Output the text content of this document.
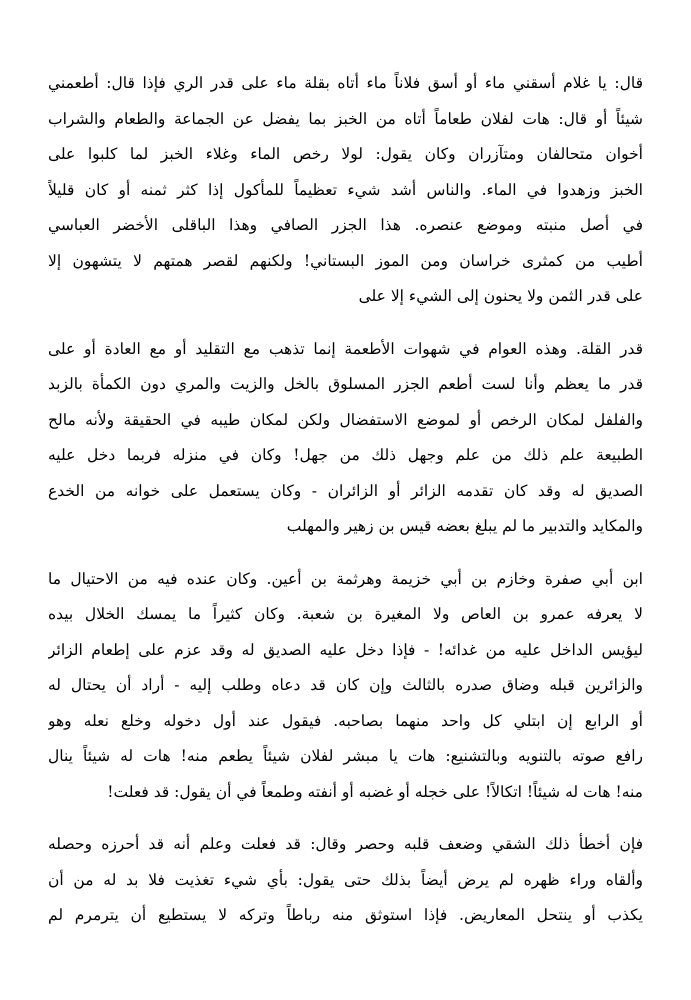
قال: يا غلام أسقني ماء أو أسق فلاناً ماء أتاه بقلة ماء على قدر الري فإذا قال: أطعمني
شيئاً أو قال: هات لفلان طعاماً أتاه من الخبز بما يفضل عن الجماعة والطعام والشراب
أخوان متحالفان ومتآزران وكان يقول: لولا رخص الماء وغلاء الخبز لما كلبوا على
الخبز وزهدوا في الماء. والناس أشد شيء تعظيماً للمأكول إذا كثر ثمنه أو كان قليلاً
في أصل منبته وموضع عنصره. هذا الجزر الصافي وهذا الباقلى الأخضر العباسي
أطيب من كمثرى خراسان ومن الموز البستاني! ولكنهم لقصر همتهم لا يتشهون إلا
على قدر الثمن ولا يحنون إلى الشيء إلا على
قدر القلة. وهذه العوام في شهوات الأطعمة إنما تذهب مع التقليد أو مع العادة أو على
قدر ما يعظم وأنا لست أطعم الجزر المسلوق بالخل والزيت والمري دون الكمأة بالزبد
والفلفل لمكان الرخص أو لموضع الاستفضال ولكن لمكان طيبه في الحقيقة ولأنه مالح
الطبيعة علم ذلك من علم وجهل ذلك من جهل! وكان في منزله فربما دخل عليه
الصديق له وقد كان تقدمه الزائر أو الزائران - وكان يستعمل على خوانه من الخدع
والمكايد والتدبير ما لم يبلغ بعضه قيس بن زهير والمهلب
ابن أبي صفرة وخازم بن أبي خزيمة وهرثمة بن أعين. وكان عنده فيه من الاحتيال ما
لا يعرفه عمرو بن العاص ولا المغيرة بن شعبة. وكان كثيراً ما يمسك الخلال بيده
ليؤيس الداخل عليه من غدائه! - فإذا دخل عليه الصديق له وقد عزم على إطعام الزائر
والزائرين قبله وضاق صدره بالثالث وإن كان قد دعاه وطلب إليه - أراد أن يحتال له
أو الرابع إن ابتلي كل واحد منهما بصاحبه. فيقول عند أول دخوله وخلع نعله وهو
رافع صوته بالتنويه وبالتشنيع: هات يا مبشر لفلان شيئاً يطعم منه! هات له شيئاً ينال
منه! هات له شيئاً! اتكالاً! على خجله أو غضبه أو أنفته وطمعاً في أن يقول: قد فعلت!
فإن أخطأ ذلك الشقي وضعف قلبه وحصر وقال: قد فعلت وعلم أنه قد أحرزه وحصله
وألقاه وراء ظهره لم يرض أيضاً بذلك حتى يقول: بأي شيء تغذيت فلا بد له من أن
يكذب أو ينتحل المعاريض. فإذا استوثق منه رباطاً وتركه لا يستطيع أن يترمرم لم
